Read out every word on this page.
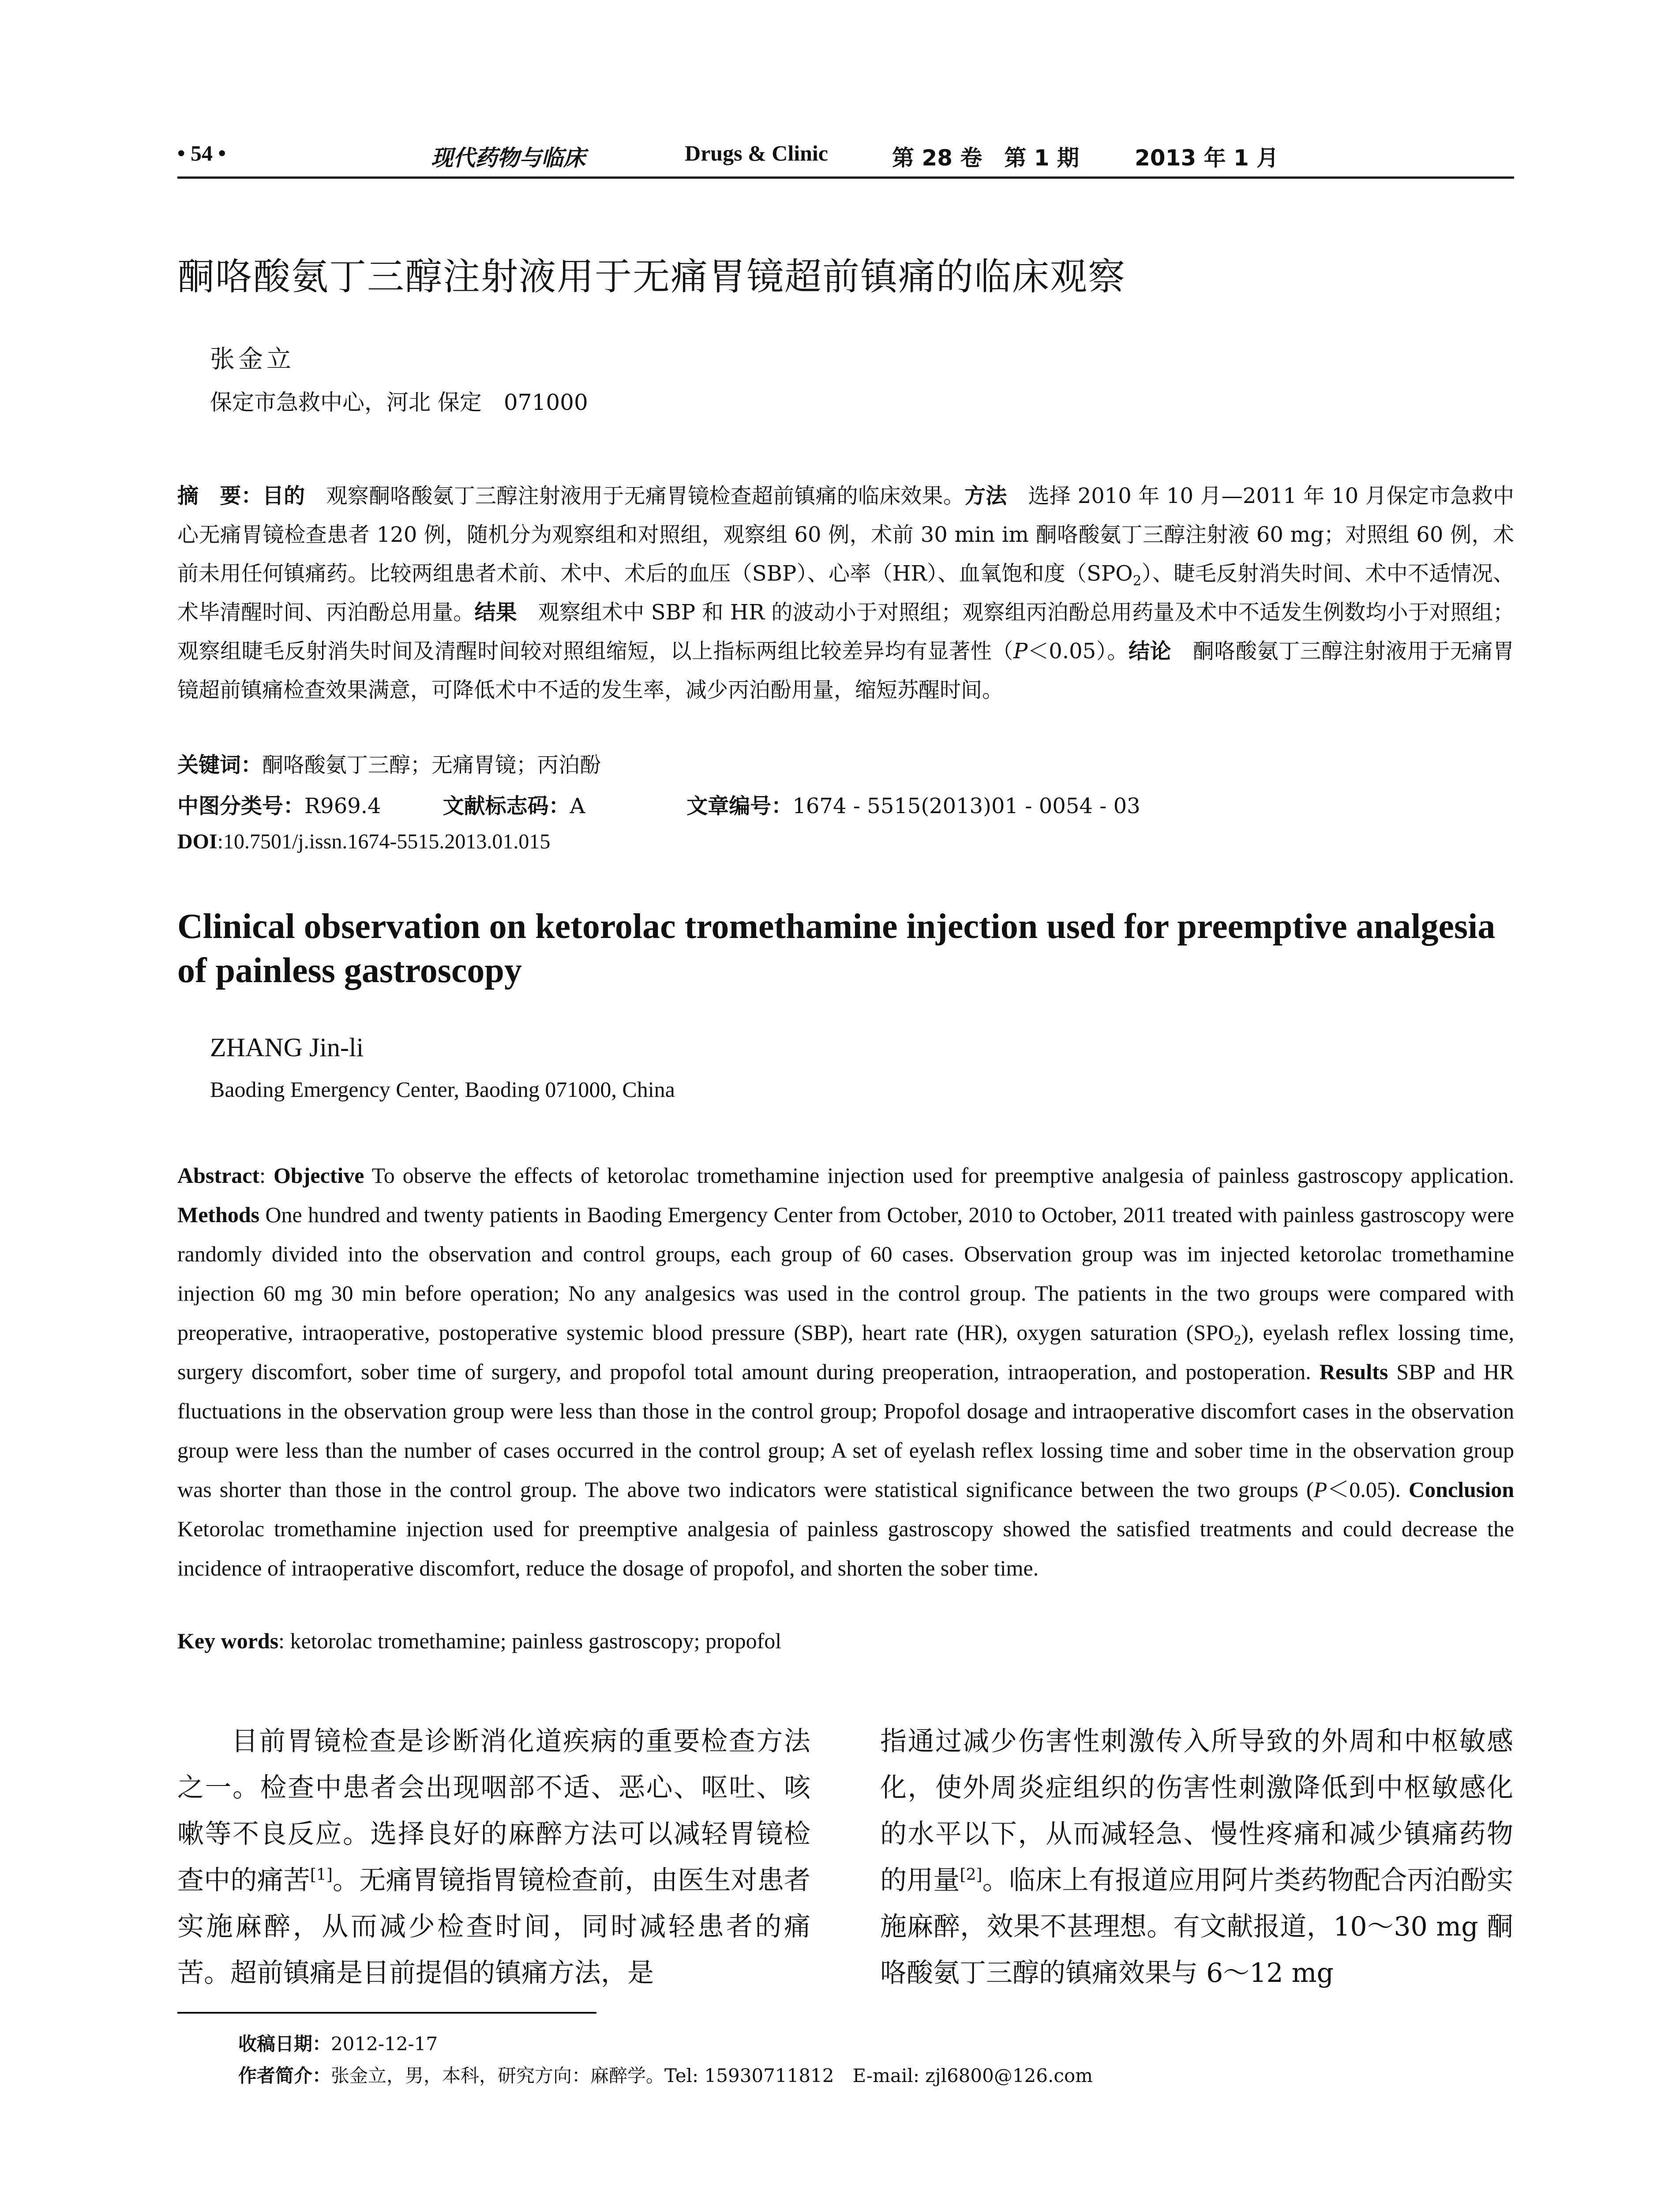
• 54 •	现代药物与临床	Drugs & Clinic	第 28 卷　第 1 期	2013 年 1 月
酮咯酸氨丁三醇注射液用于无痛胃镜超前镇痛的临床观察
张金立
保定市急救中心，河北 保定　071000
摘　要：目的　观察酮咯酸氨丁三醇注射液用于无痛胃镜检查超前镇痛的临床效果。方法　选择 2010 年 10 月—2011 年 10 月保定市急救中心无痛胃镜检查患者 120 例，随机分为观察组和对照组，观察组 60 例，术前 30 min im 酮咯酸氨丁三醇注射液 60 mg；对照组 60 例，术前未用任何镇痛药。比较两组患者术前、术中、术后的血压（SBP）、心率（HR）、血氧饱和度$(SPO_2)$、睫毛反射消失时间、术中不适情况、术毕清醒时间、丙泊酚总用量。结果　观察组术中 SBP 和 HR 的波动小于对照组；观察组丙泊酚总用药量及术中不适发生例数均小于对照组；观察组睫毛反射消失时间及清醒时间较对照组缩短，以上指标两组比较差异均有显著性（P＜0.05）。结论　酮咯酸氨丁三醇注射液用于无痛胃镜超前镇痛检查效果满意，可降低术中不适的发生率，减少丙泊酚用量，缩短苏醒时间。
关键词：酮咯酸氨丁三醇；无痛胃镜；丙泊酚
中图分类号：R969.4	文献标志码：A	文章编号：1674 - 5515(2013)01 - 0054 - 03
DOI:10.7501/j.issn.1674-5515.2013.01.015
Clinical observation on ketorolac tromethamine injection used for preemptive analgesia of painless gastroscopy
ZHANG Jin-li
Baoding Emergency Center, Baoding 071000, China
Abstract: Objective To observe the effects of ketorolac tromethamine injection used for preemptive analgesia of painless gastroscopy application. Methods One hundred and twenty patients in Baoding Emergency Center from October, 2010 to October, 2011 treated with painless gastroscopy were randomly divided into the observation and control groups, each group of 60 cases. Observation group was im injected ketorolac tromethamine injection 60 mg 30 min before operation; No any analgesics was used in the control group. The patients in the two groups were compared with preoperative, intraoperative, postoperative systemic blood pressure (SBP), heart rate (HR), oxygen saturation $(SPO_2)$, eyelash reflex lossing time, surgery discomfort, sober time of surgery, and propofol total amount during preoperation, intraoperation, and postoperation. Results SBP and HR fluctuations in the observation group were less than those in the control group; Propofol dosage and intraoperative discomfort cases in the observation group were less than the number of cases occurred in the control group; A set of eyelash reflex lossing time and sober time in the observation group was shorter than those in the control group. The above two indicators were statistical significance between the two groups (P＜0.05). Conclusion Ketorolac tromethamine injection used for preemptive analgesia of painless gastroscopy showed the satisfied treatments and could decrease the incidence of intraoperative discomfort, reduce the dosage of propofol, and shorten the sober time.
Key words: ketorolac tromethamine; painless gastroscopy; propofol
目前胃镜检查是诊断消化道疾病的重要检查方法之一。检查中患者会出现咽部不适、恶心、呕吐、咳嗽等不良反应。选择良好的麻醉方法可以减轻胃镜检查中的痛苦[1]。无痛胃镜指胃镜检查前，由医生对患者实施麻醉，从而减少检查时间，同时减轻患者的痛苦。超前镇痛是目前提倡的镇痛方法，是
指通过减少伤害性刺激传入所导致的外周和中枢敏感化，使外周炎症组织的伤害性刺激降低到中枢敏感化的水平以下，从而减轻急、慢性疼痛和减少镇痛药物的用量[2]。临床上有报道应用阿片类药物配合丙泊酚实施麻醉，效果不甚理想。有文献报道，10～30 mg 酮咯酸氨丁三醇的镇痛效果与 6～12 mg
收稿日期：2012-12-17
作者简介：张金立，男，本科，研究方向：麻醉学。Tel: 15930711812　E-mail: zjl6800@126.com
